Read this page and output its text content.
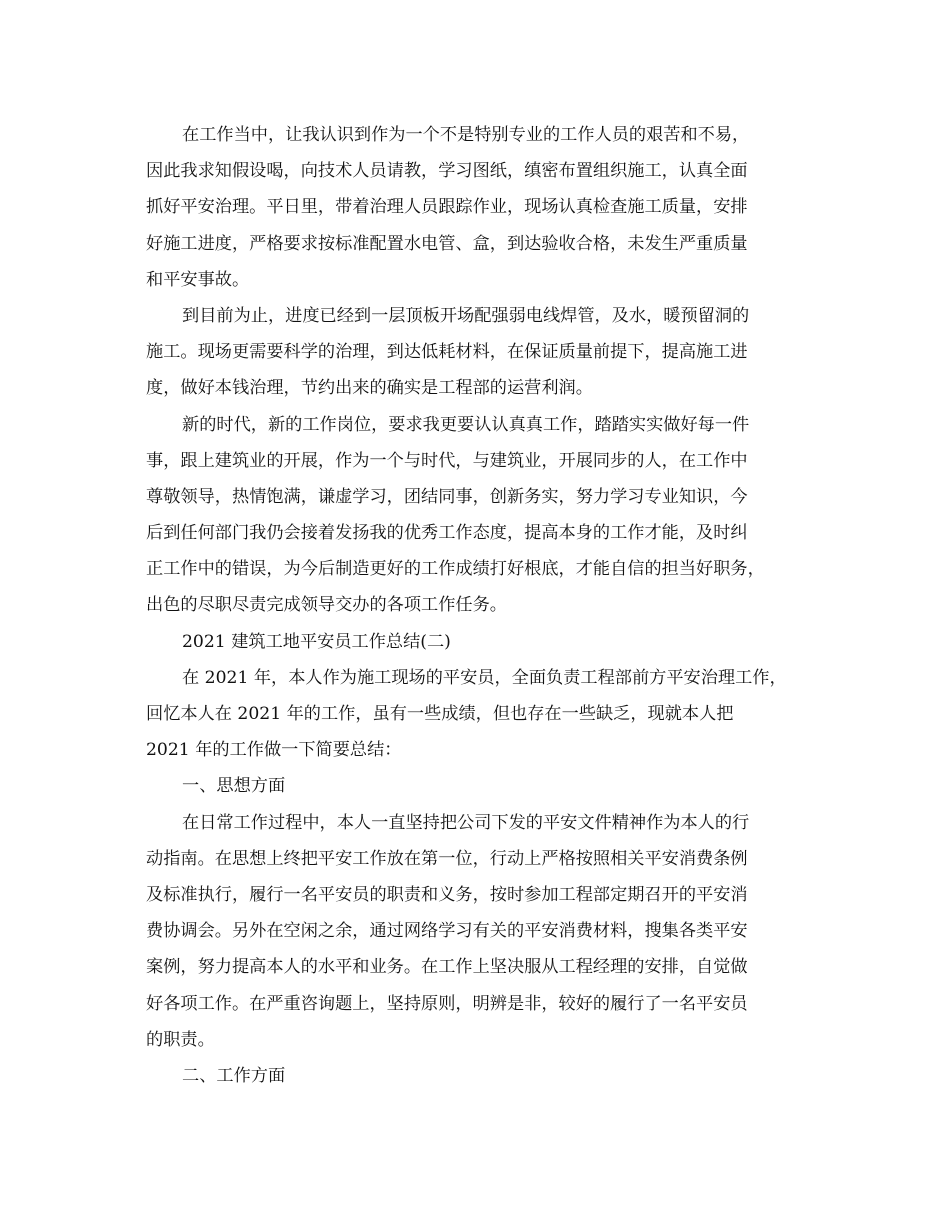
在工作当中，让我认识到作为一个不是特别专业的工作人员的艰苦和不易，
因此我求知假设喝，向技术人员请教，学习图纸，缜密布置组织施工，认真全面
抓好平安治理。平日里，带着治理人员跟踪作业，现场认真检查施工质量，安排
好施工进度，严格要求按标准配置水电管、盒，到达验收合格，未发生严重质量
和平安事故。
到目前为止，进度已经到一层顶板开场配强弱电线焊管，及水，暖预留洞的
施工。现场更需要科学的治理，到达低耗材料，在保证质量前提下，提高施工进
度，做好本钱治理，节约出来的确实是工程部的运营利润。
新的时代，新的工作岗位，要求我更要认认真真工作，踏踏实实做好每一件
事，跟上建筑业的开展，作为一个与时代，与建筑业，开展同步的人，在工作中
尊敬领导，热情饱满，谦虚学习，团结同事，创新务实，努力学习专业知识，今
后到任何部门我仍会接着发扬我的优秀工作态度，提高本身的工作才能，及时纠
正工作中的错误，为今后制造更好的工作成绩打好根底，才能自信的担当好职务，
出色的尽职尽责完成领导交办的各项工作任务。
2021 建筑工地平安员工作总结(二)
在 2021 年，本人作为施工现场的平安员，全面负责工程部前方平安治理工作，
回忆本人在 2021 年的工作，虽有一些成绩，但也存在一些缺乏，现就本人把
2021 年的工作做一下简要总结：
一、思想方面
在日常工作过程中，本人一直坚持把公司下发的平安文件精神作为本人的行
动指南。在思想上终把平安工作放在第一位，行动上严格按照相关平安消费条例
及标准执行，履行一名平安员的职责和义务，按时参加工程部定期召开的平安消
费协调会。另外在空闲之余，通过网络学习有关的平安消费材料，搜集各类平安
案例，努力提高本人的水平和业务。在工作上坚决服从工程经理的安排，自觉做
好各项工作。在严重咨询题上，坚持原则，明辨是非，较好的履行了一名平安员
的职责。
二、工作方面
